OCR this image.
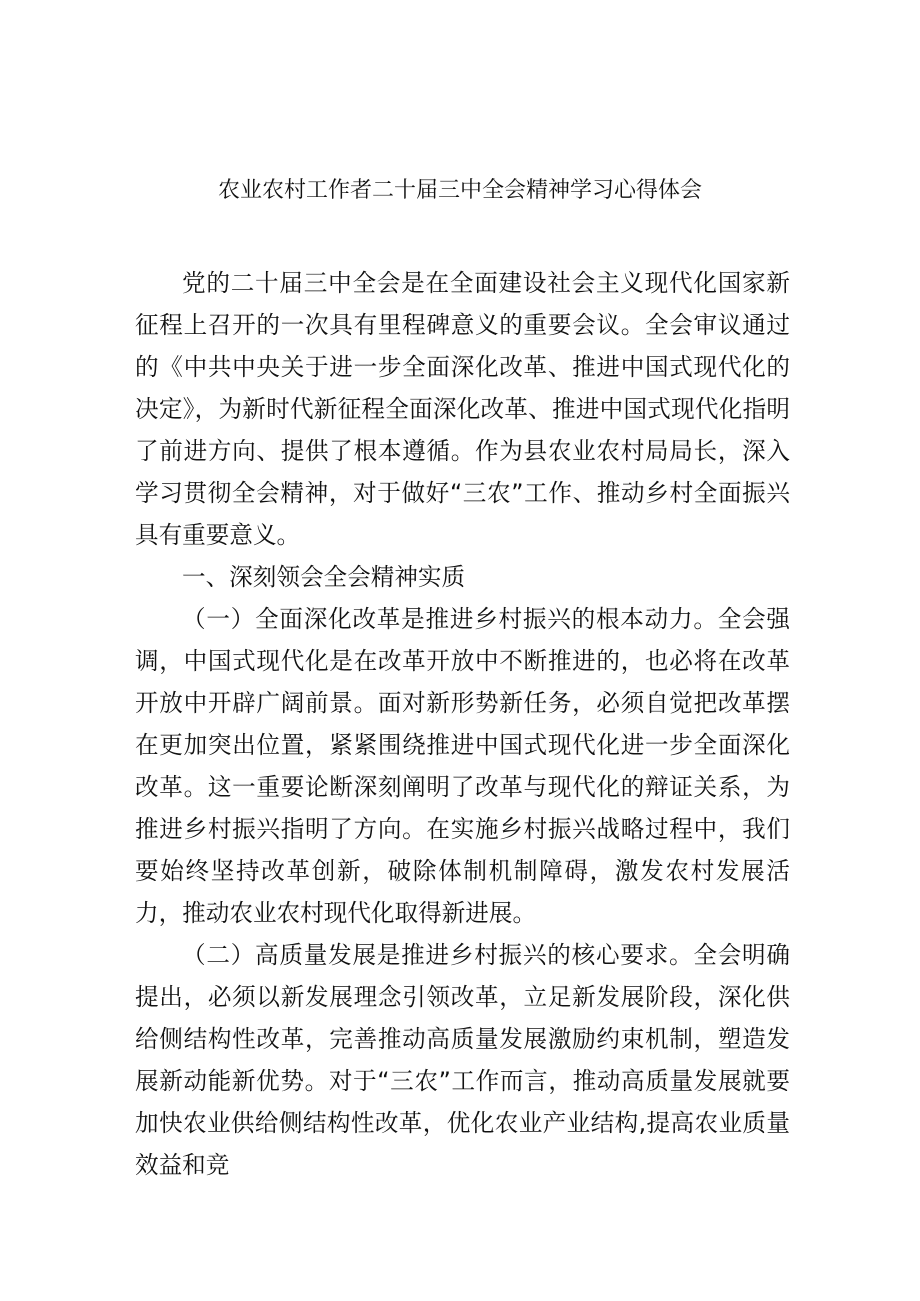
农业农村工作者二十届三中全会精神学习心得体会

党的二十届三中全会是在全面建设社会主义现代化国家新征程上召开的一次具有里程碑意义的重要会议。全会审议通过的《中共中央关于进一步全面深化改革、推进中国式现代化的决定》，为新时代新征程全面深化改革、推进中国式现代化指明了前进方向、提供了根本遵循。作为县农业农村局局长，深入学习贯彻全会精神，对于做好“三农”工作、推动乡村全面振兴具有重要意义。

一、深刻领会全会精神实质

（一）全面深化改革是推进乡村振兴的根本动力。全会强调，中国式现代化是在改革开放中不断推进的，也必将在改革开放中开辟广阔前景。面对新形势新任务，必须自觉把改革摆在更加突出位置，紧紧围绕推进中国式现代化进一步全面深化改革。这一重要论断深刻阐明了改革与现代化的辩证关系，为推进乡村振兴指明了方向。在实施乡村振兴战略过程中，我们要始终坚持改革创新，破除体制机制障碍，激发农村发展活力，推动农业农村现代化取得新进展。

（二）高质量发展是推进乡村振兴的核心要求。全会明确提出，必须以新发展理念引领改革，立足新发展阶段，深化供给侧结构性改革，完善推动高质量发展激励约束机制，塑造发展新动能新优势。对于“三农”工作而言，推动高质量发展就要加快农业供给侧结构性改革，优化农业产业结构,提高农业质量效益和竞
